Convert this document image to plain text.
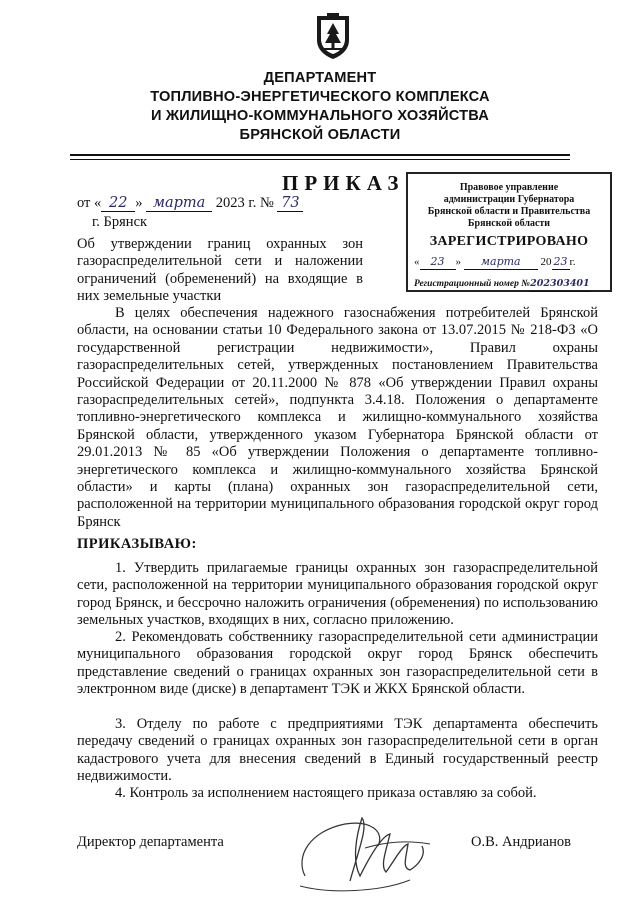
ДЕПАРТАМЕНТ
ТОПЛИВНО-ЭНЕРГЕТИЧЕСКОГО КОМПЛЕКСА
И ЖИЛИЩНО-КОММУНАЛЬНОГО ХОЗЯЙСТВА
БРЯНСКОЙ ОБЛАСТИ
ПРИКАЗ
от « 22 » марта 2023 г. № 73
г. Брянск
Об утверждении границ охранных зон газораспределительной сети и наложении ограничений (обременений) на входящие в них земельные участки
Правовое управление
администрации Губернатора
Брянской области и Правительства
Брянской области
ЗАРЕГИСТРИРОВАНО
« 23 » марта 20 23 г.
Регистрационный номер №202303401
В целях обеспечения надежного газоснабжения потребителей Брянской области, на основании статьи 10 Федерального закона от 13.07.2015 № 218-ФЗ «О государственной регистрации недвижимости», Правил охраны газораспределительных сетей, утвержденных постановлением Правительства Российской Федерации от 20.11.2000 № 878 «Об утверждении Правил охраны газораспределительных сетей», подпункта 3.4.18. Положения о департаменте топливно-энергетического комплекса и жилищно-коммунального хозяйства Брянской области, утвержденного указом Губернатора Брянской области от 29.01.2013 № 85 «Об утверждении Положения о департаменте топливно-энергетического комплекса и жилищно-коммунального хозяйства Брянской области» и карты (плана) охранных зон газораспределительной сети, расположенной на территории муниципального образования городской округ город Брянск
ПРИКАЗЫВАЮ:
1. Утвердить прилагаемые границы охранных зон газораспределительной сети, расположенной на территории муниципального образования городской округ город Брянск, и бессрочно наложить ограничения (обременения) по использованию земельных участков, входящих в них, согласно приложению.
2. Рекомендовать собственнику газораспределительной сети администрации муниципального образования городской округ город Брянск обеспечить представление сведений о границах охранных зон газораспределительной сети в электронном виде (диске) в департамент ТЭК и ЖКХ Брянской области.
3. Отделу по работе с предприятиями ТЭК департамента обеспечить передачу сведений о границах охранных зон газораспределительной сети в орган кадастрового учета для внесения сведений в Единый государственный реестр недвижимости.
4. Контроль за исполнением настоящего приказа оставляю за собой.
Директор департамента	О.В. Андрианов
